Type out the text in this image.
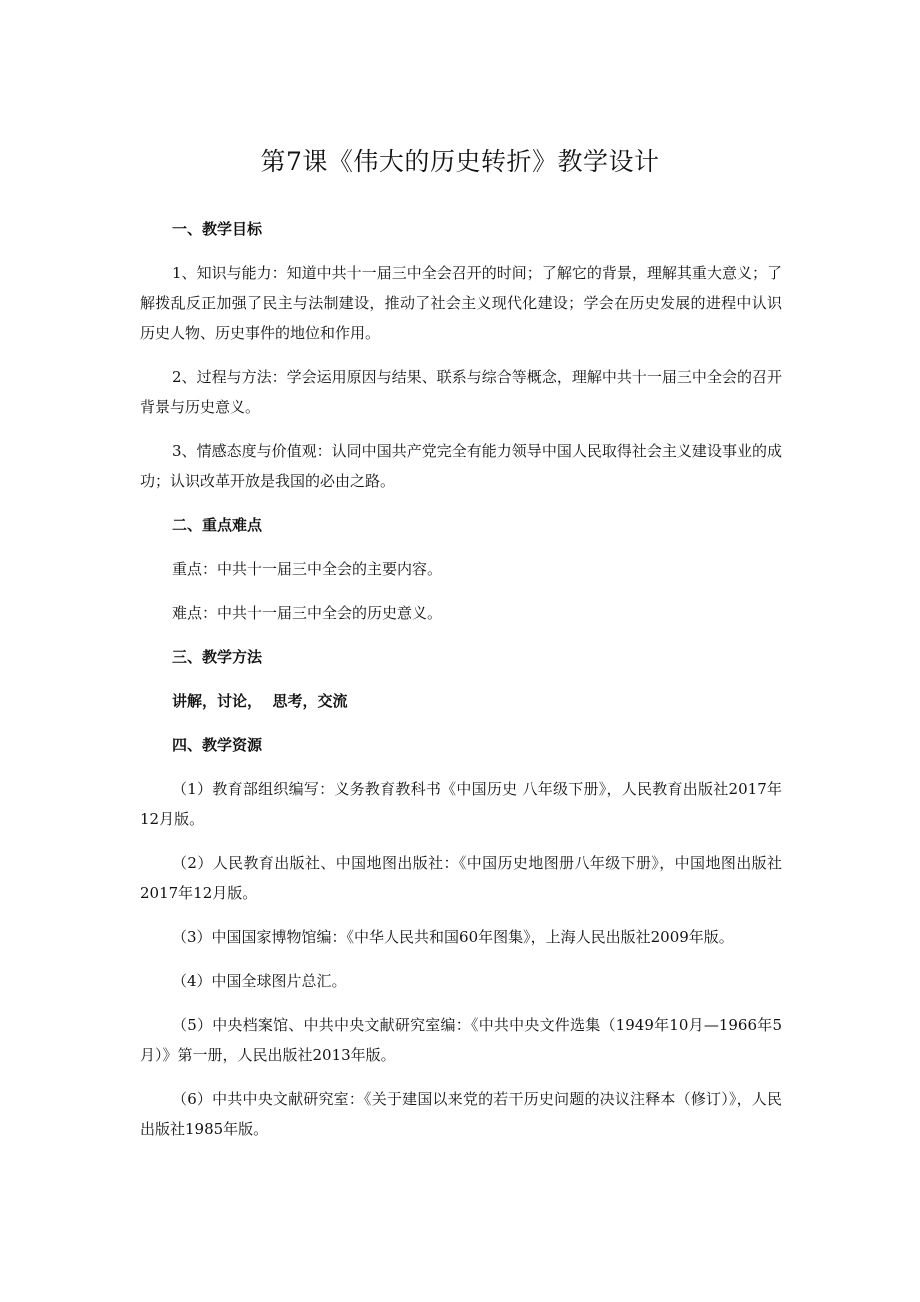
第7课《伟大的历史转折》教学设计

一、教学目标

1、知识与能力：知道中共十一届三中全会召开的时间；了解它的背景，理解其重大意义；了解拨乱反正加强了民主与法制建设，推动了社会主义现代化建设；学会在历史发展的进程中认识历史人物、历史事件的地位和作用。

2、过程与方法：学会运用原因与结果、联系与综合等概念，理解中共十一届三中全会的召开背景与历史意义。

3、情感态度与价值观：认同中国共产党完全有能力领导中国人民取得社会主义建设事业的成功；认识改革开放是我国的必由之路。

二、重点难点

重点：中共十一届三中全会的主要内容。

难点：中共十一届三中全会的历史意义。

三、教学方法

讲解，讨论，  思考，交流

四、教学资源

（1）教育部组织编写：义务教育教科书《中国历史 八年级下册》，人民教育出版社2017年12月版。

（2）人民教育出版社、中国地图出版社：《中国历史地图册八年级下册》，中国地图出版社2017年12月版。

（3）中国国家博物馆编：《中华人民共和国60年图集》，上海人民出版社2009年版。

（4）中国全球图片总汇。

（5）中央档案馆、中共中央文献研究室编：《中共中央文件选集（1949年10月—1966年5月）》第一册，人民出版社2013年版。

（6）中共中央文献研究室：《关于建国以来党的若干历史问题的决议注释本（修订）》，人民出版社1985年版。
